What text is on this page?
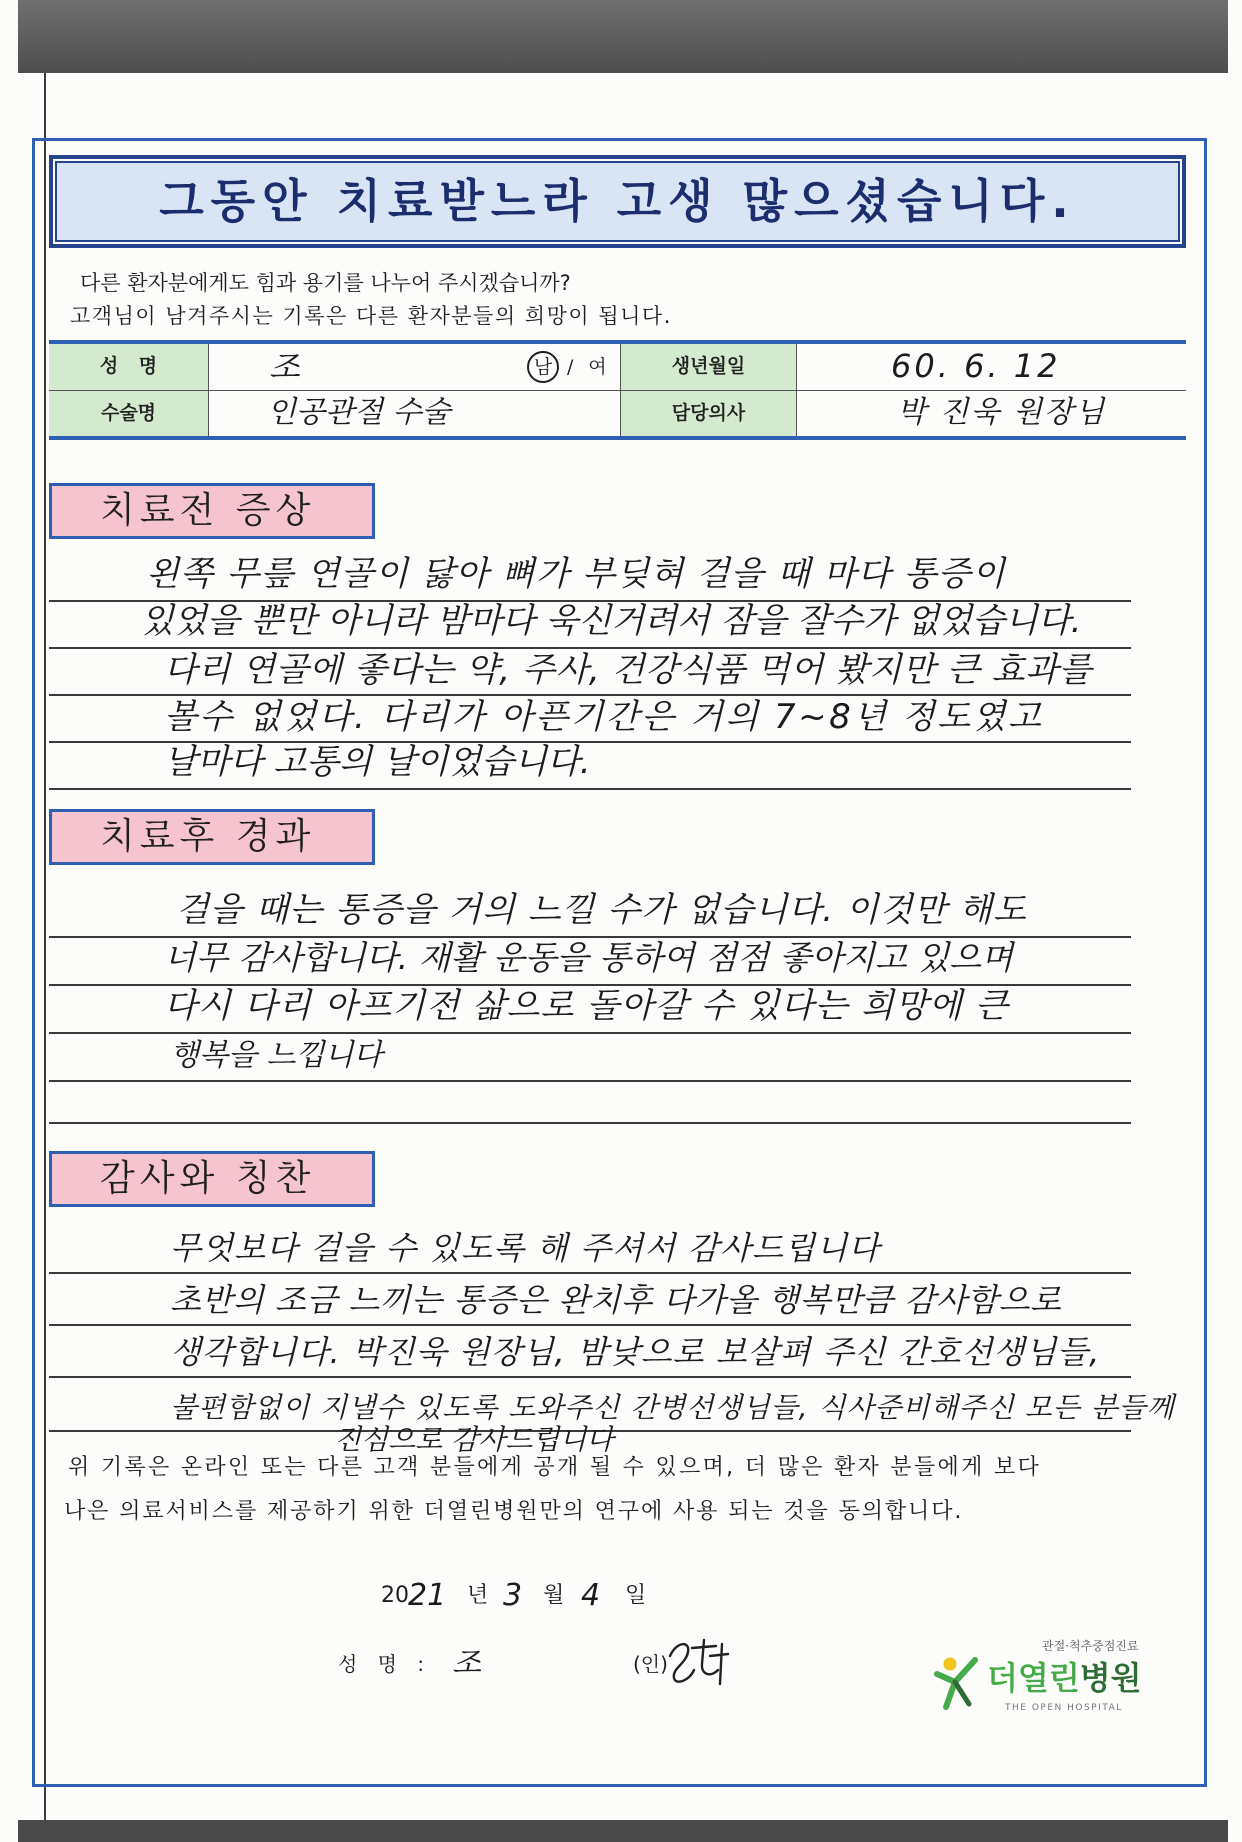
그동안 치료받느라 고생 많으셨습니다.
다른 환자분에게도 힘과 용기를 나누어 주시겠습니까?
고객님이 남겨주시는 기록은 다른 환자분들의 희망이 됩니다.
성 명	조	남 / 여	생년월일	60. 6. 12
수술명	인공관절 수술	담당의사	박 진욱 원장님
치료전 증상
왼쪽 무릎 연골이 닳아 뼈가 부딪혀 걸을 때 마다 통증이
있었을 뿐만 아니라 밤마다 욱신거려서 잠을 잘수가 없었습니다.
다리 연골에 좋다는 약, 주사, 건강식품 먹어 봤지만 큰 효과를
볼수 없었다. 다리가 아픈기간은 거의 7~8년 정도였고
날마다 고통의 날이었습니다.
치료후 경과
걸을 때는 통증을 거의 느낄 수가 없습니다. 이것만 해도
너무 감사합니다. 재활 운동을 통하여 점점 좋아지고 있으며
다시 다리 아프기전 삶으로 돌아갈 수 있다는 희망에 큰
행복을 느낍니다
감사와 칭찬
무엇보다 걸을 수 있도록 해 주셔서 감사드립니다
초반의 조금 느끼는 통증은 완치후 다가올 행복만큼 감사함으로
생각합니다. 박진욱 원장님, 밤낮으로 보살펴 주신 간호선생님들,
불편함없이 지낼수 있도록 도와주신 간병선생님들, 식사준비해주신 모든 분들께
진심으로 감사드립니다
위 기록은 온라인 또는 다른 고객 분들에게 공개 될 수 있으며, 더 많은 환자 분들에게 보다
나은 의료서비스를 제공하기 위한 더열린병원만의 연구에 사용 되는 것을 동의합니다.
20 21 년 3 월 4 일
성 명 : 조	(인)
관절·척추중점진료
더열린병원
THE OPEN HOSPITAL
